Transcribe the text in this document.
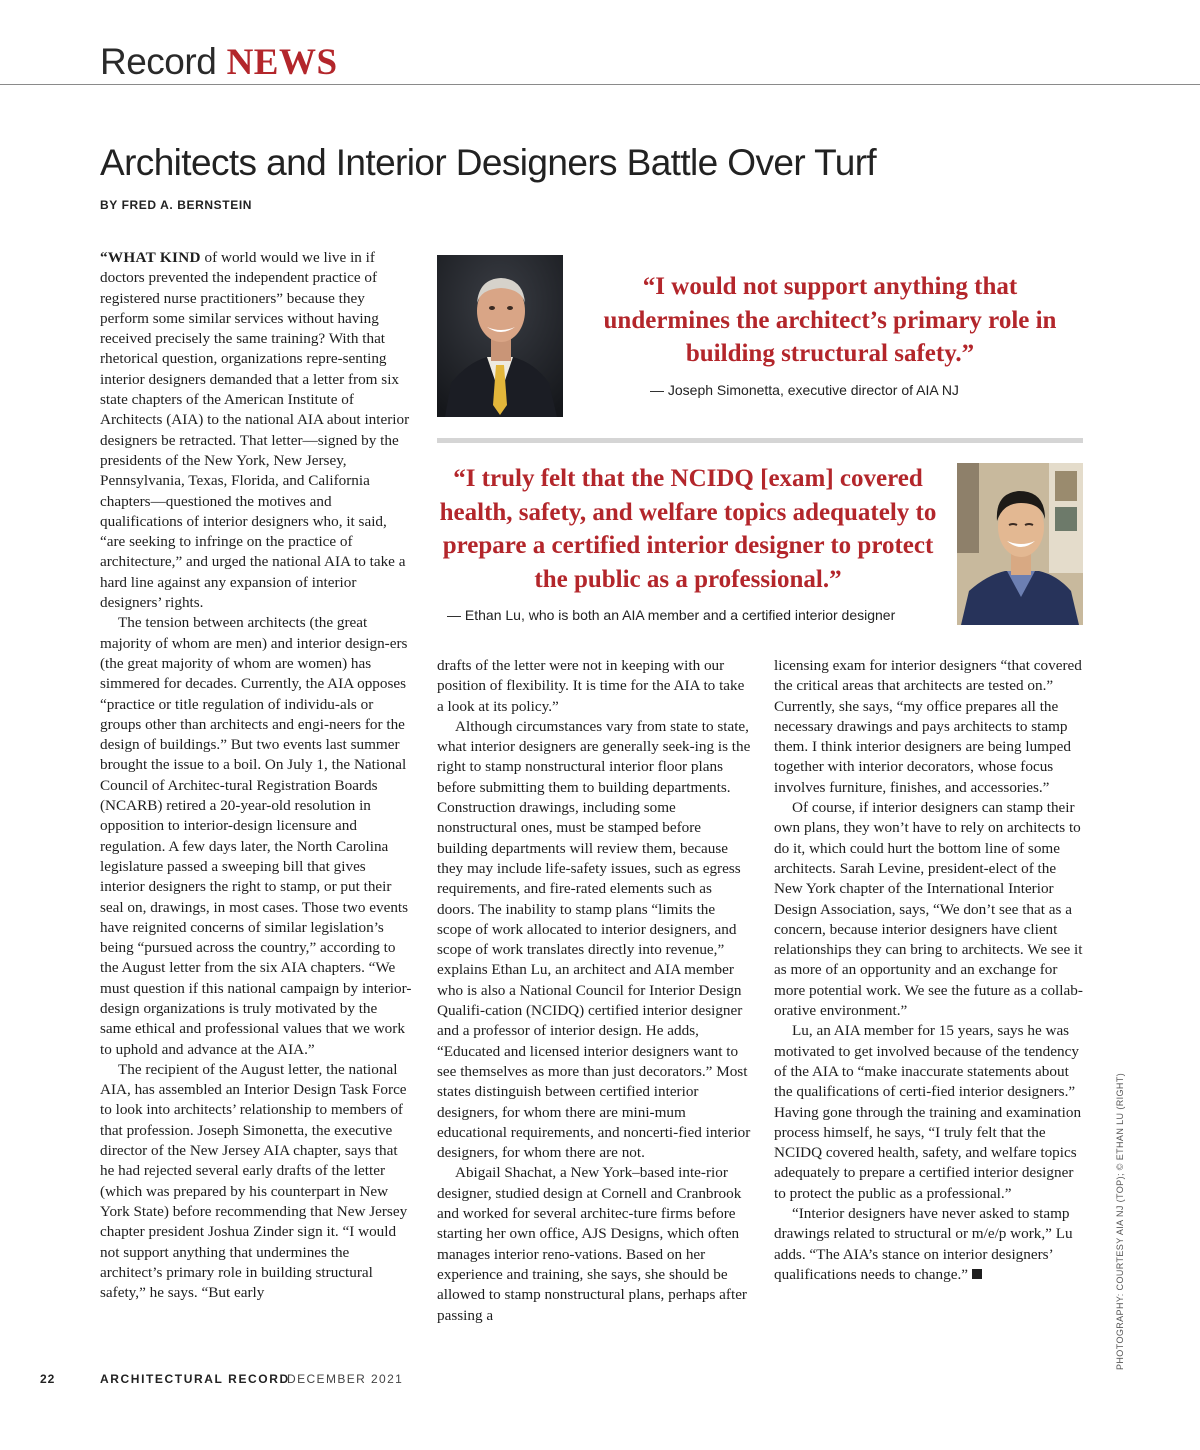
Record NEWS
Architects and Interior Designers Battle Over Turf
BY FRED A. BERNSTEIN

“WHAT KIND of world would we live in if doctors prevented the independent practice of registered nurse practitioners” because they perform some similar services without having received precisely the same training? With that rhetorical question, organizations repre-senting interior designers demanded that a letter from six state chapters of the American Institute of Architects (AIA) to the national AIA about interior designers be retracted. That letter—signed by the presidents of the New York, New Jersey, Pennsylvania, Texas, Florida, and California chapters—questioned the motives and qualifications of interior designers who, it said, “are seeking to infringe on the practice of architecture,” and urged the national AIA to take a hard line against any expansion of interior designers’ rights.

The tension between architects (the great majority of whom are men) and interior design-ers (the great majority of whom are women) has simmered for decades. Currently, the AIA opposes “practice or title regulation of individu-als or groups other than architects and engi-neers for the design of buildings.” But two events last summer brought the issue to a boil. On July 1, the National Council of Architec-tural Registration Boards (NCARB) retired a 20-year-old resolution in opposition to interior-design licensure and regulation. A few days later, the North Carolina legislature passed a sweeping bill that gives interior designers the right to stamp, or put their seal on, drawings, in most cases. Those two events have reignited concerns of similar legislation’s being “pursued across the country,” according to the August letter from the six AIA chapters. “We must question if this national campaign by interior-design organizations is truly motivated by the same ethical and professional values that we work to uphold and advance at the AIA.”

The recipient of the August letter, the national AIA, has assembled an Interior Design Task Force to look into architects’ relationship to members of that profession. Joseph Simonetta, the executive director of the New Jersey AIA chapter, says that he had rejected several early drafts of the letter (which was prepared by his counterpart in New York State) before recommending that New Jersey chapter president Joshua Zinder sign it. “I would not support anything that undermines the architect’s primary role in building structural safety,” he says. “But early

“I would not support anything that undermines the architect’s primary role in building structural safety.”
— Joseph Simonetta, executive director of AIA NJ
“I truly felt that the NCIDQ [exam] covered health, safety, and welfare topics adequately to prepare a certified interior designer to protect the public as a professional.”
— Ethan Lu, who is both an AIA member and a certified interior designer

drafts of the letter were not in keeping with our position of flexibility. It is time for the AIA to take a look at its policy.”

Although circumstances vary from state to state, what interior designers are generally seek-ing is the right to stamp nonstructural interior floor plans before submitting them to building departments. Construction drawings, including some nonstructural ones, must be stamped before building departments will review them, because they may include life-safety issues, such as egress requirements, and fire-rated elements such as doors. The inability to stamp plans “limits the scope of work allocated to interior designers, and scope of work translates directly into revenue,” explains Ethan Lu, an architect and AIA member who is also a National Council for Interior Design Qualifi-cation (NCIDQ) certified interior designer and a professor of interior design. He adds, “Educated and licensed interior designers want to see themselves as more than just decorators.” Most states distinguish between certified interior designers, for whom there are mini-mum educational requirements, and noncerti-fied interior designers, for whom there are not.

Abigail Shachat, a New York–based inte-rior designer, studied design at Cornell and Cranbrook and worked for several architec-ture firms before starting her own office, AJS Designs, which often manages interior reno-vations. Based on her experience and training, she says, she should be allowed to stamp nonstructural plans, perhaps after passing a

licensing exam for interior designers “that covered the critical areas that architects are tested on.” Currently, she says, “my office prepares all the necessary drawings and pays architects to stamp them. I think interior designers are being lumped together with interior decorators, whose focus involves furniture, finishes, and accessories.”

Of course, if interior designers can stamp their own plans, they won’t have to rely on architects to do it, which could hurt the bottom line of some architects. Sarah Levine, president-elect of the New York chapter of the International Interior Design Association, says, “We don’t see that as a concern, because interior designers have client relationships they can bring to architects. We see it as more of an opportunity and an exchange for more potential work. We see the future as a collab-orative environment.”

Lu, an AIA member for 15 years, says he was motivated to get involved because of the tendency of the AIA to “make inaccurate statements about the qualifications of certi-fied interior designers.” Having gone through the training and examination process himself, he says, “I truly felt that the NCIDQ covered health, safety, and welfare topics adequately to prepare a certified interior designer to protect the public as a professional.”

“Interior designers have never asked to stamp drawings related to structural or m/e/p work,” Lu adds. “The AIA’s stance on interior designers’ qualifications needs to change.”	PHOTOGRAPHY: COURTESY AIA NJ (TOP); © ETHAN LU (RIGHT)
22	ARCHITECTURAL RECORD
DECEMBER 2021
